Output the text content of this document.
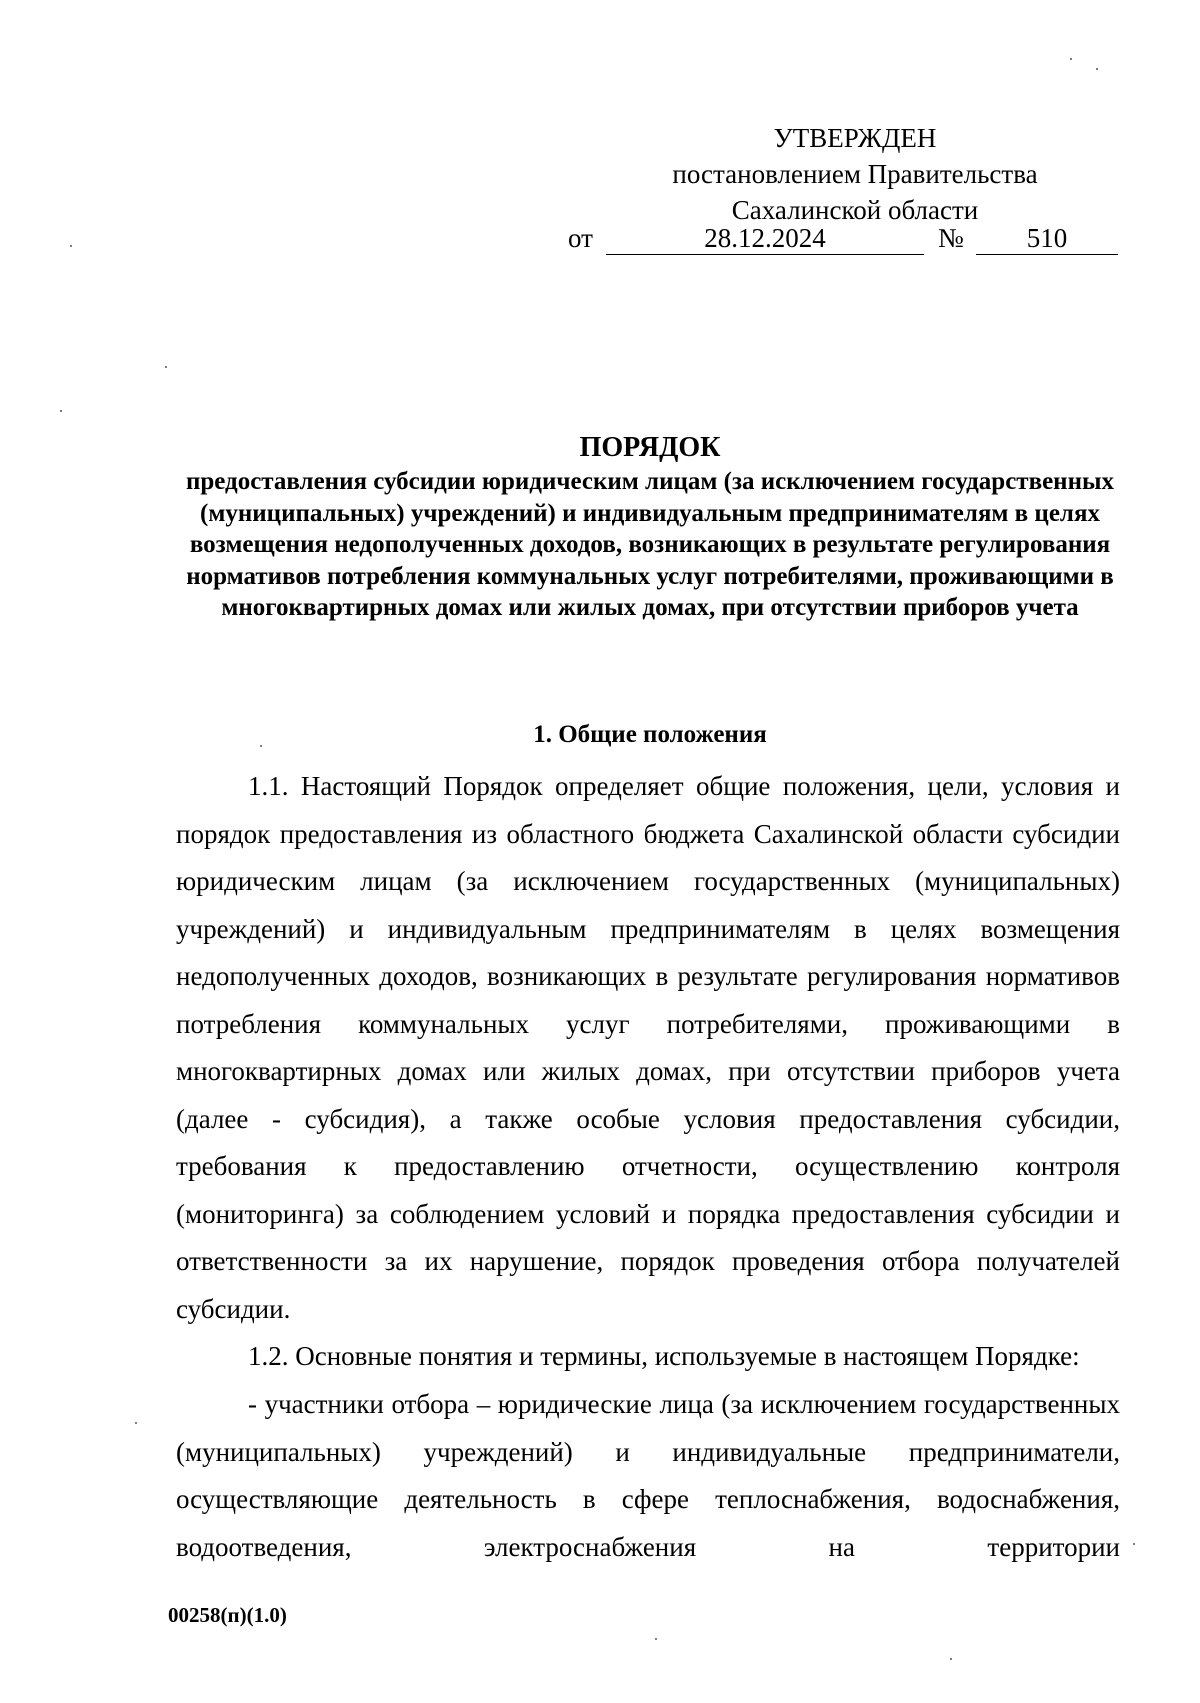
УТВЕРЖДЕН
постановлением Правительства
Сахалинской области
от	28.12.2024	№	510
ПОРЯДОК
предоставления субсидии юридическим лицам (за исключением государственных (муниципальных) учреждений) и индивидуальным предпринимателям в целях возмещения недополученных доходов, возникающих в результате регулирования нормативов потребления коммунальных услуг потребителями, проживающими в многоквартирных домах или жилых домах, при отсутствии приборов учета
1. Общие положения

1.1. Настоящий Порядок определяет общие положения, цели, условия и порядок предоставления из областного бюджета Сахалинской области субсидии юридическим лицам (за исключением государственных (муниципальных) учреждений) и индивидуальным предпринимателям в целях возмещения недополученных доходов, возникающих в результате регулирования нормативов потребления коммунальных услуг потребителями, проживающими в многоквартирных домах или жилых домах, при отсутствии приборов учета (далее - субсидия), а также особые условия предоставления субсидии, требования к предоставлению отчетности, осуществлению контроля (мониторинга) за соблюдением условий и порядка предоставления субсидии и ответственности за их нарушение, порядок проведения отбора получателей субсидии.

1.2. Основные понятия и термины, используемые в настоящем Порядке:

- участники отбора – юридические лица (за исключением государственных (муниципальных) учреждений) и индивидуальные предприниматели, осуществляющие деятельность в сфере теплоснабжения, водоснабжения, водоотведения, электроснабжения на территории

00258(п)(1.0)
